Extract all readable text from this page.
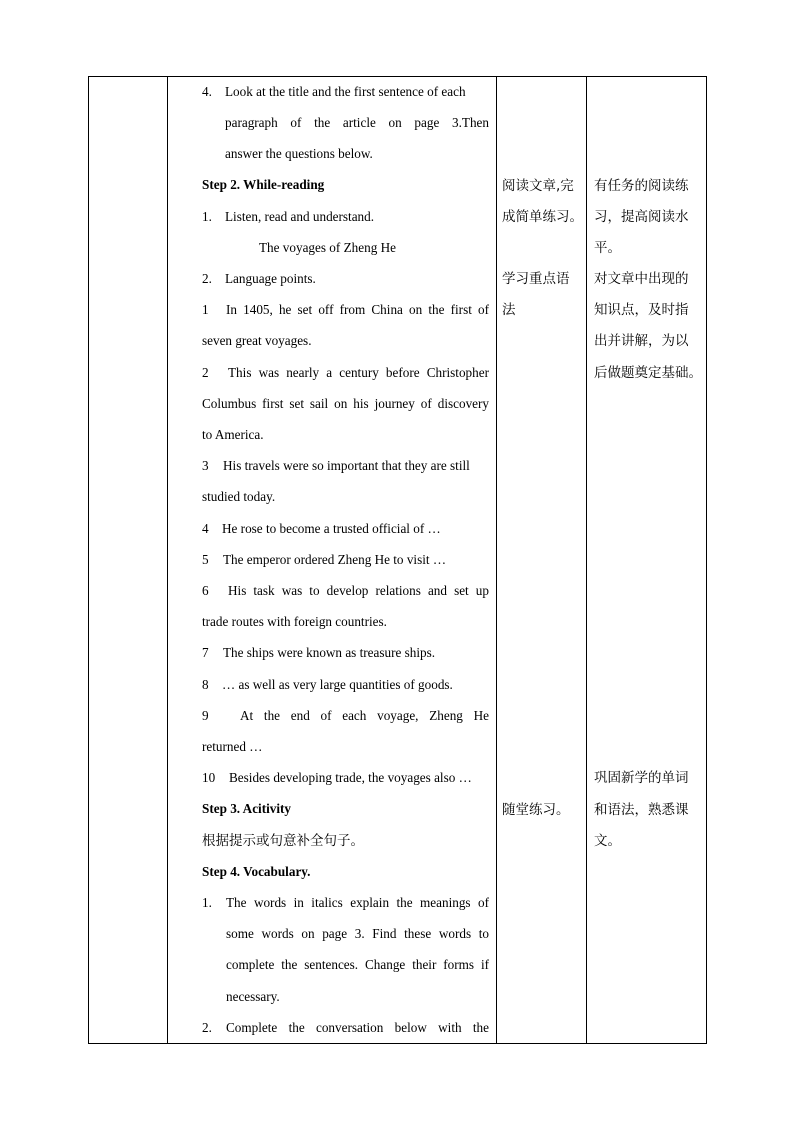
4. Look at the title and the first sentence of each
paragraph of the article on page 3.Then
answer the questions below.
Step 2. While-reading
1. Listen, read and understand.
The voyages of Zheng He
2. Language points.
1 In 1405, he set off from China on the first of
seven great voyages.
2 This was nearly a century before Christopher
Columbus first set sail on his journey of discovery
to America.
3 His travels were so important that they are still
studied today.
4 He rose to become a trusted official of …
5 The emperor ordered Zheng He to visit …
6 His task was to develop relations and set up
trade routes with foreign countries.
7 The ships were known as treasure ships.
8 … as well as very large quantities of goods.
9 At the end of each voyage, Zheng He
returned …
10 Besides developing trade, the voyages also …
Step 3. Acitivity
根据提示或句意补全句子。
Step 4. Vocabulary.
1. The words in italics explain the meanings of
some words on page 3. Find these words to
complete the sentences. Change their forms if
necessary.
2. Complete the conversation below with the
阅读文章,完
成简单练习。
学习重点语
法
随堂练习。
有任务的阅读练
习，提高阅读水
平。
对文章中出现的
知识点，及时指
出并讲解，为以
后做题奠定基础。
巩固新学的单词
和语法，熟悉课
文。
